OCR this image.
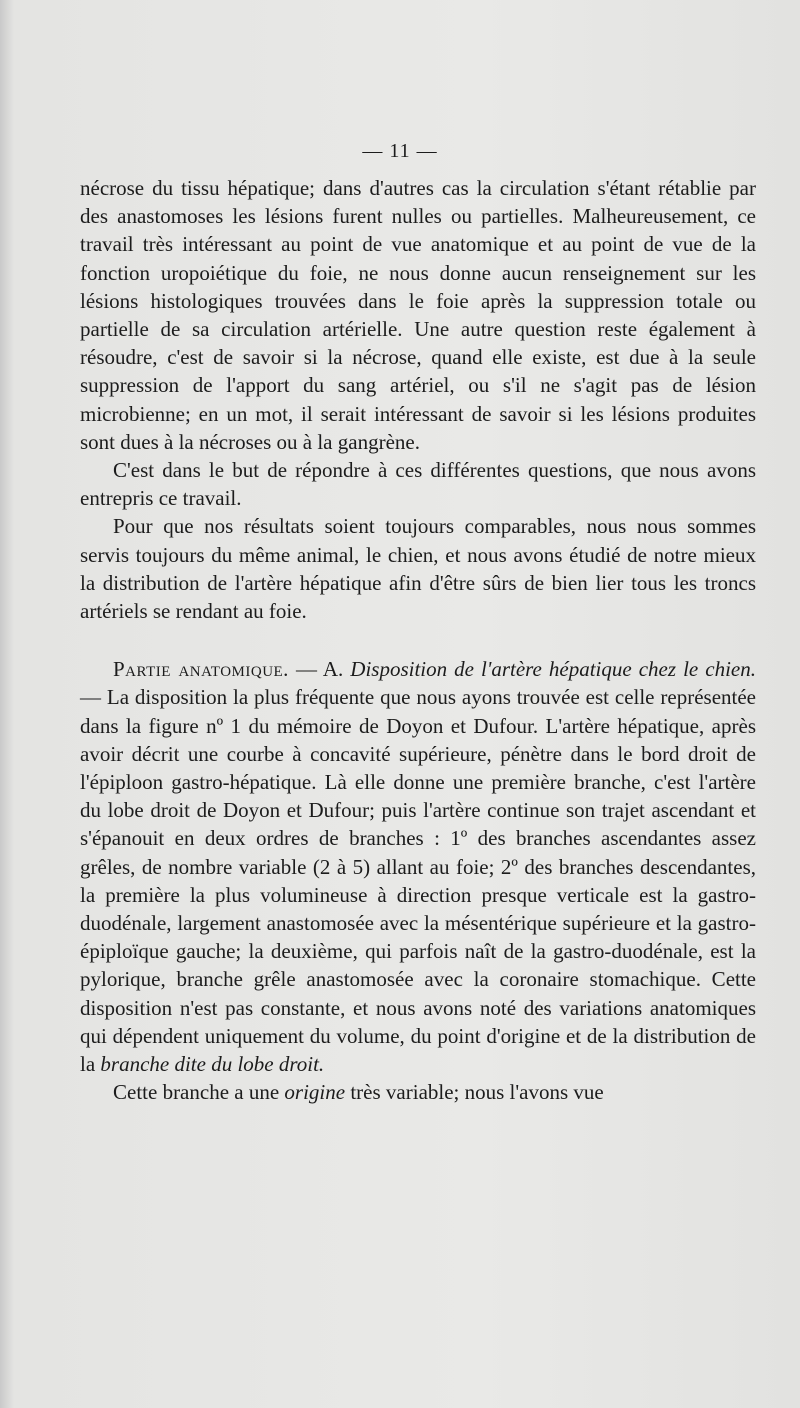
— 11 —

nécrose du tissu hépatique; dans d'autres cas la circulation s'étant rétablie par des anastomoses les lésions furent nulles ou partielles. Malheureusement, ce travail très intéressant au point de vue anatomique et au point de vue de la fonction uropoiétique du foie, ne nous donne aucun renseignement sur les lésions histologiques trouvées dans le foie après la suppression totale ou partielle de sa circulation artérielle. Une autre question reste également à résoudre, c'est de savoir si la nécrose, quand elle existe, est due à la seule suppression de l'apport du sang artériel, ou s'il ne s'agit pas de lésion microbienne; en un mot, il serait intéressant de savoir si les lésions produites sont dues à la nécroses ou à la gangrène.

C'est dans le but de répondre à ces différentes questions, que nous avons entrepris ce travail.

Pour que nos résultats soient toujours comparables, nous nous sommes servis toujours du même animal, le chien, et nous avons étudié de notre mieux la distribution de l'artère hépatique afin d'être sûrs de bien lier tous les troncs artériels se rendant au foie.

Partie anatomique. — A. Disposition de l'artère hépatique chez le chien. — La disposition la plus fréquente que nous ayons trouvée est celle représentée dans la figure nº 1 du mémoire de Doyon et Dufour. L'artère hépatique, après avoir décrit une courbe à concavité supérieure, pénètre dans le bord droit de l'épiploon gastro-hépatique. Là elle donne une première branche, c'est l'artère du lobe droit de Doyon et Dufour; puis l'artère continue son trajet ascendant et s'épanouit en deux ordres de branches : 1º des branches ascendantes assez grêles, de nombre variable (2 à 5) allant au foie; 2º des branches descendantes, la première la plus volumineuse à direction presque verticale est la gastro-duodénale, largement anastomosée avec la mésentérique supérieure et la gastro-épiploïque gauche; la deuxième, qui parfois naît de la gastro-duodénale, est la pylorique, branche grêle anastomosée avec la coronaire stomachique. Cette disposition n'est pas constante, et nous avons noté des variations anatomiques qui dépendent uniquement du volume, du point d'origine et de la distribution de la branche dite du lobe droit.

Cette branche a une origine très variable; nous l'avons vue
